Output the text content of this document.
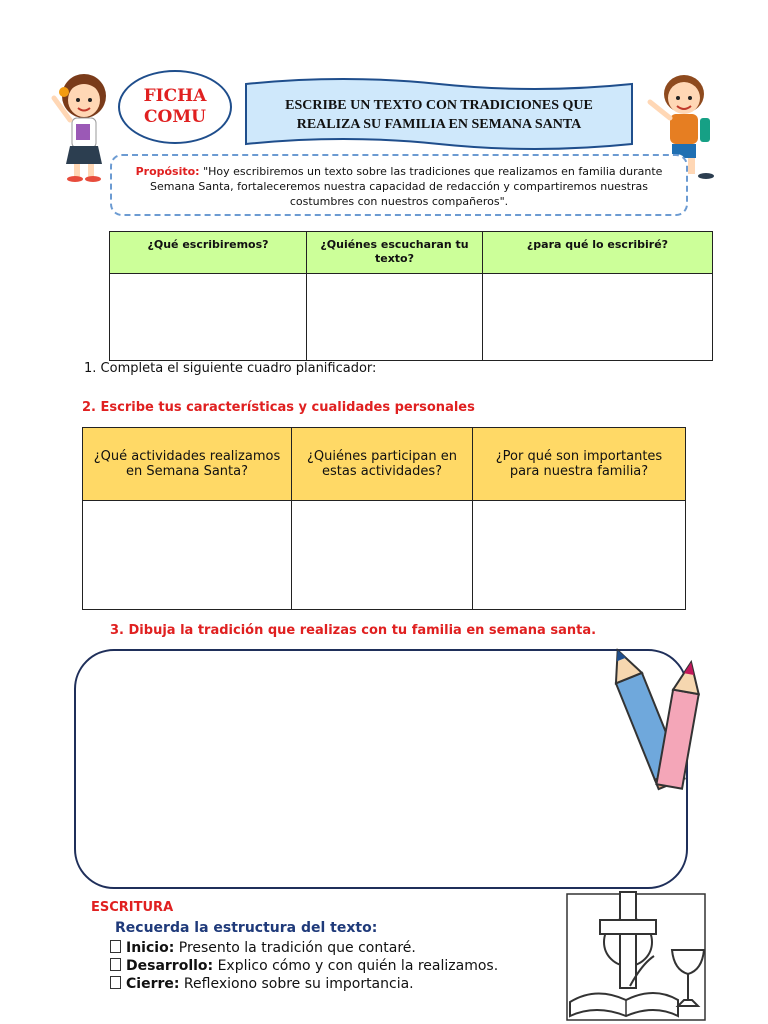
FICHA
COMU
ESCRIBE UN TEXTO CON TRADICIONES QUE
REALIZA SU FAMILIA EN SEMANA SANTA
Propósito: "Hoy escribiremos un texto sobre las tradiciones que realizamos en familia durante Semana Santa, fortaleceremos nuestra capacidad de redacción y compartiremos nuestras costumbres con nuestros compañeros".
¿Qué escribiremos?	¿Quiénes escucharan tu texto?	¿para qué lo escribiré?

1. Completa el siguiente cuadro planificador:
2. Escribe tus características y cualidades personales
¿Qué actividades realizamos en Semana Santa?	¿Quiénes participan en estas actividades?	¿Por qué son importantes para nuestra familia?

3. Dibuja la tradición que realizas con tu familia en semana santa.
ESCRITURA
Recuerda la estructura del texto:
Inicio: Presento la tradición que contaré.
Desarrollo: Explico cómo y con quién la realizamos.
Cierre: Reflexiono sobre su importancia.
